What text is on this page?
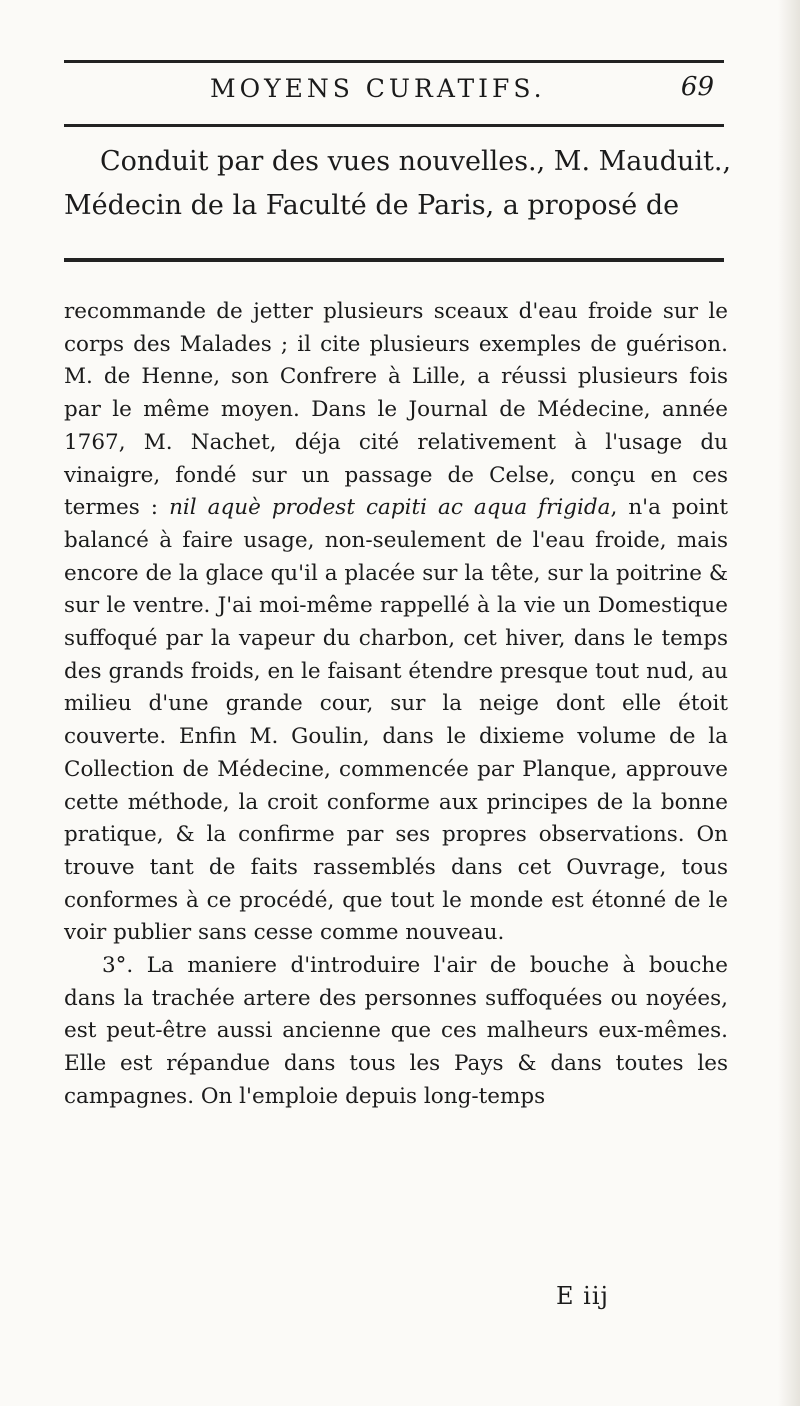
MOYENS CURATIFS.	69
Conduit par des vues nouvelles., M. Mauduit.,
Médecin de la Faculté de Paris, a proposé de

recommande de jetter plusieurs sceaux d'eau froide sur le corps des Malades ; il cite plusieurs exemples de guérison. M. de Henne, son Confrere à Lille, a réussi plusieurs fois par le même moyen. Dans le Journal de Médecine, année 1767, M. Nachet, déja cité relativement à l'usage du vinaigre, fondé sur un passage de Celse, conçu en ces termes : nil aquè prodest capiti ac aqua frigida, n'a point balancé à faire usage, non-seulement de l'eau froide, mais encore de la glace qu'il a placée sur la tête, sur la poitrine & sur le ventre. J'ai moi-même rappellé à la vie un Domestique suffoqué par la vapeur du charbon, cet hiver, dans le temps des grands froids, en le faisant étendre presque tout nud, au milieu d'une grande cour, sur la neige dont elle étoit couverte. Enfin M. Goulin, dans le dixieme volume de la Collection de Médecine, commencée par Planque, approuve cette méthode, la croit conforme aux principes de la bonne pratique, & la confirme par ses propres observations. On trouve tant de faits rassemblés dans cet Ouvrage, tous conformes à ce procédé, que tout le monde est étonné de le voir publier sans cesse comme nouveau.

3°. La maniere d'introduire l'air de bouche à bouche dans la trachée artere des personnes suffoquées ou noyées, est peut-être aussi ancienne que ces malheurs eux-mêmes. Elle est répandue dans tous les Pays & dans toutes les campagnes. On l'emploie depuis long-temps

E iij
